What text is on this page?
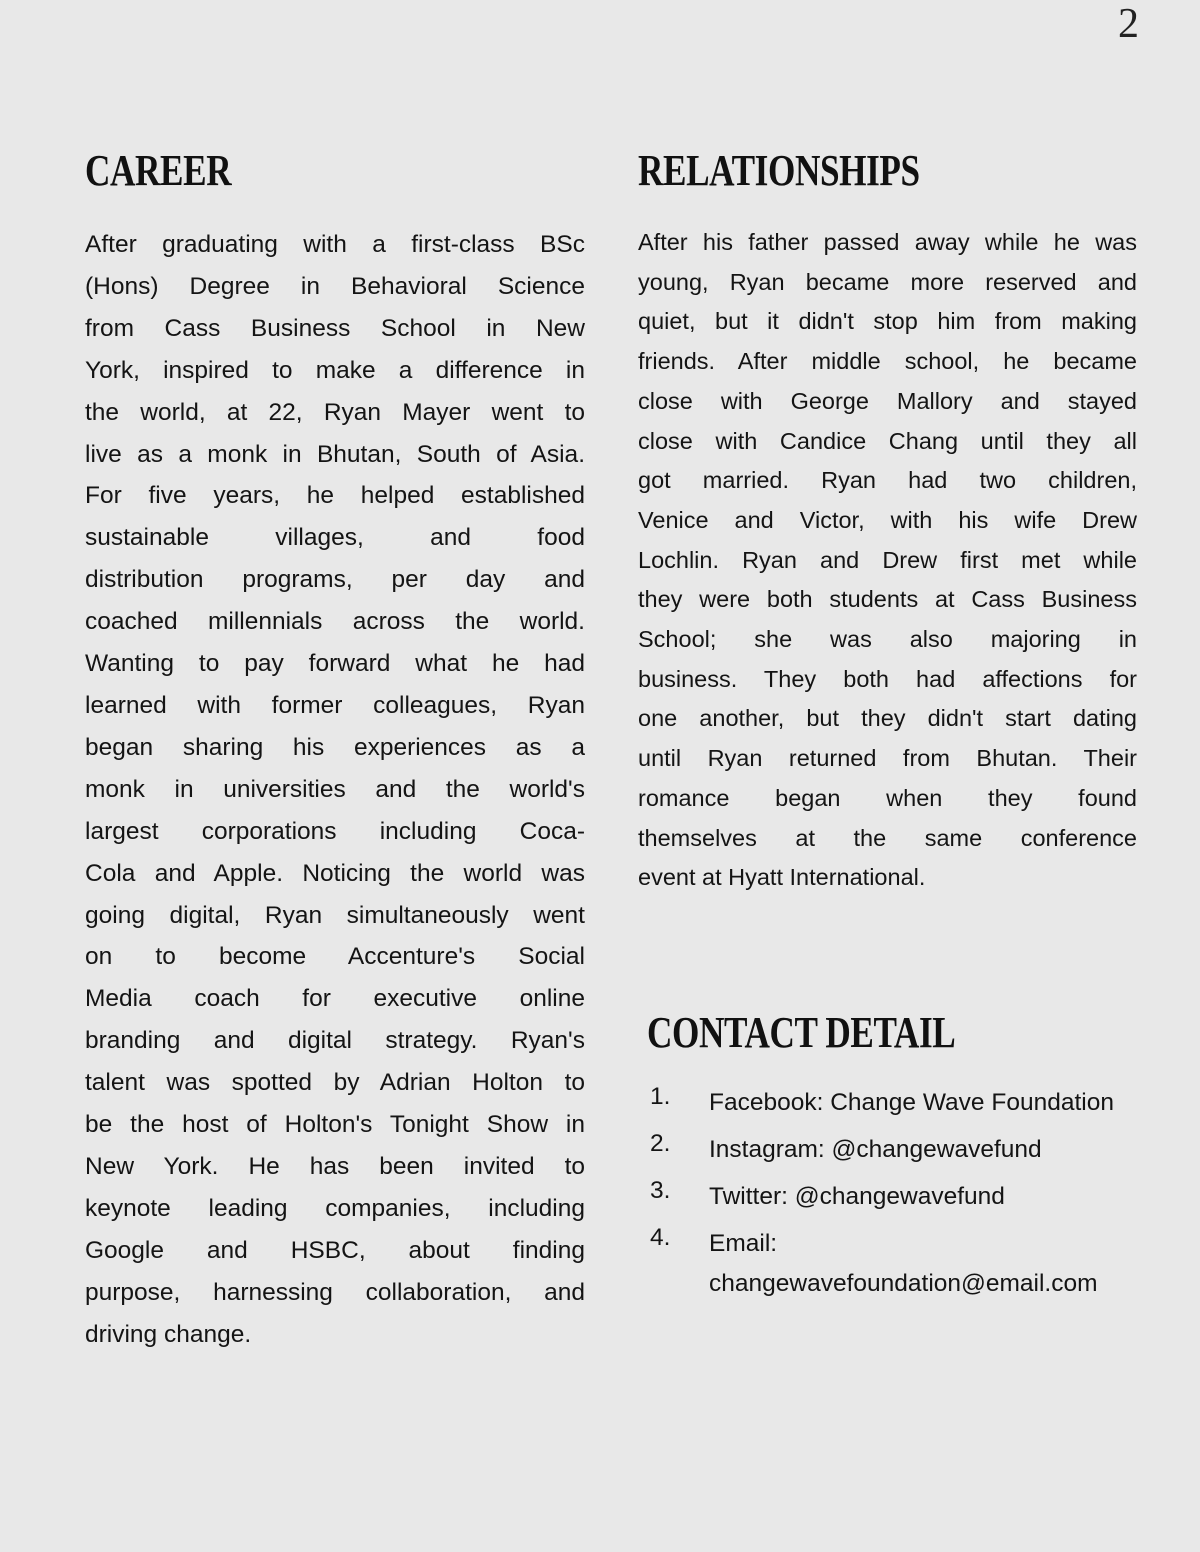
2
CAREER
After graduating with a first-class BSc
(Hons) Degree in Behavioral Science
from Cass Business School in New
York, inspired to make a difference in
the world, at 22, Ryan Mayer went to
live as a monk in Bhutan, South of Asia.
For five years, he helped established
sustainable villages, and food
distribution programs, per day and
coached millennials across the world.
Wanting to pay forward what he had
learned with former colleagues, Ryan
began sharing his experiences as a
monk in universities and the world's
largest corporations including Coca-
Cola and Apple. Noticing the world was
going digital, Ryan simultaneously went
on to become Accenture's Social
Media coach for executive online
branding and digital strategy. Ryan's
talent was spotted by Adrian Holton to
be the host of Holton's Tonight Show in
New York. He has been invited to
keynote leading companies, including
Google and HSBC, about finding
purpose, harnessing collaboration, and
driving change.
RELATIONSHIPS
After his father passed away while he was
young, Ryan became more reserved and
quiet, but it didn't stop him from making
friends. After middle school, he became
close with George Mallory and stayed
close with Candice Chang until they all
got married. Ryan had two children,
Venice and Victor, with his wife Drew
Lochlin. Ryan and Drew first met while
they were both students at Cass Business
School; she was also majoring in
business. They both had affections for
one another, but they didn't start dating
until Ryan returned from Bhutan. Their
romance began when they found
themselves at the same conference
event at Hyatt International.
CONTACT DETAIL
1.	Facebook: Change Wave Foundation
2.	Instagram: @changewavefund
3.	Twitter: @changewavefund
4.	Email: changewavefoundation@email.com
